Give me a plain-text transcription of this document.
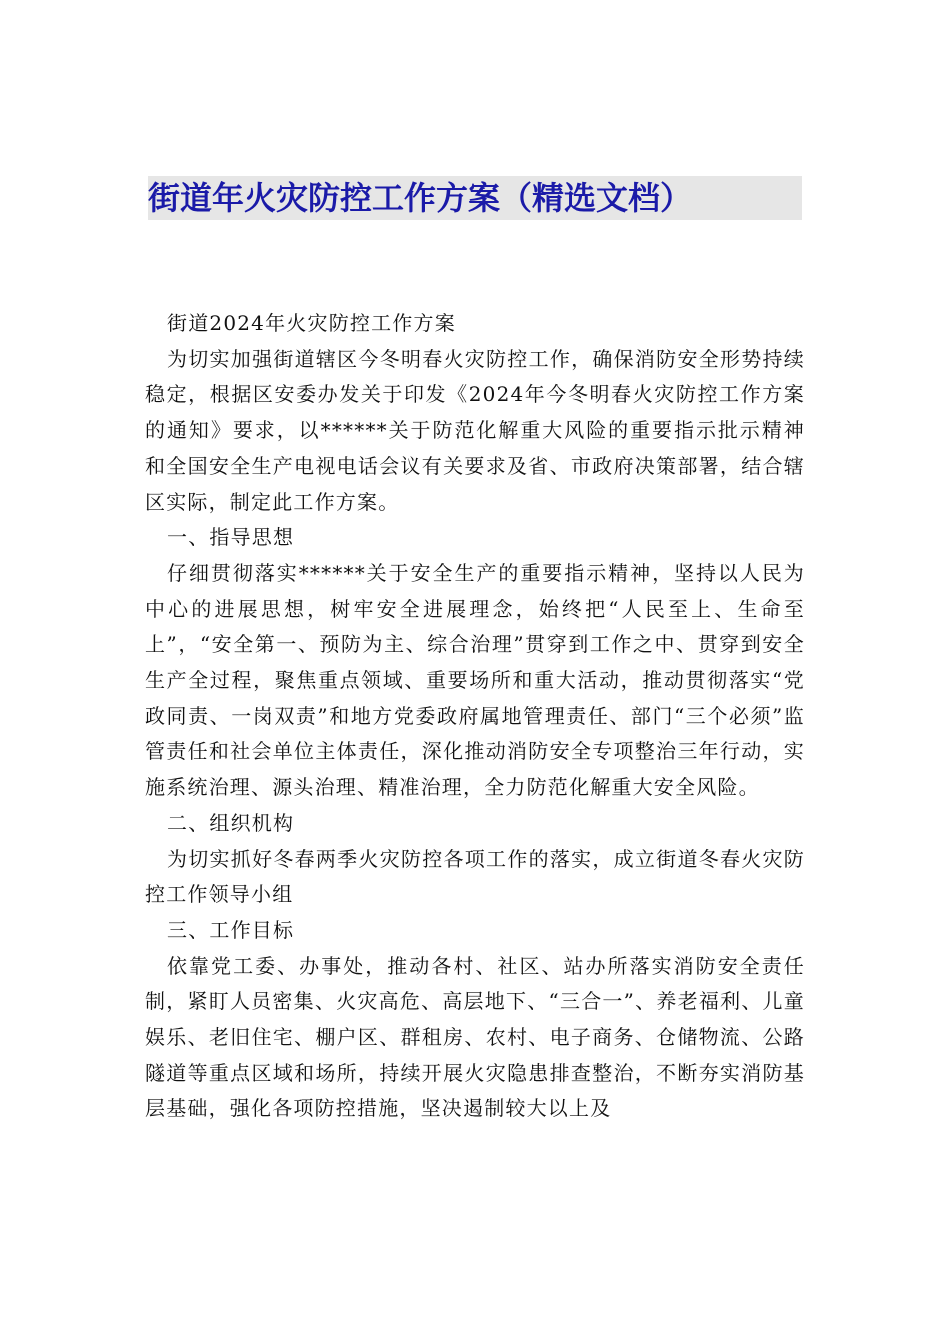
街道年火灾防控工作方案（精选文档）

街道2024年火灾防控工作方案

为切实加强街道辖区今冬明春火灾防控工作，确保消防安全形势持续稳定，根据区安委办发关于印发《2024年今冬明春火灾防控工作方案的通知》要求，以******关于防范化解重大风险的重要指示批示精神和全国安全生产电视电话会议有关要求及省、市政府决策部署，结合辖区实际，制定此工作方案。

一、指导思想

仔细贯彻落实******关于安全生产的重要指示精神，坚持以人民为中心的进展思想，树牢安全进展理念，始终把“人民至上、生命至上”，“安全第一、预防为主、综合治理”贯穿到工作之中、贯穿到安全生产全过程，聚焦重点领域、重要场所和重大活动，推动贯彻落实“党政同责、一岗双责”和地方党委政府属地管理责任、部门“三个必须”监管责任和社会单位主体责任，深化推动消防安全专项整治三年行动，实施系统治理、源头治理、精准治理，全力防范化解重大安全风险。

二、组织机构

为切实抓好冬春两季火灾防控各项工作的落实，成立街道冬春火灾防控工作领导小组

三、工作目标

依靠党工委、办事处，推动各村、社区、站办所落实消防安全责任制，紧盯人员密集、火灾高危、高层地下、“三合一”、养老福利、儿童娱乐、老旧住宅、棚户区、群租房、农村、电子商务、仓储物流、公路隧道等重点区域和场所，持续开展火灾隐患排查整治，不断夯实消防基层基础，强化各项防控措施，坚决遏制较大以上及
